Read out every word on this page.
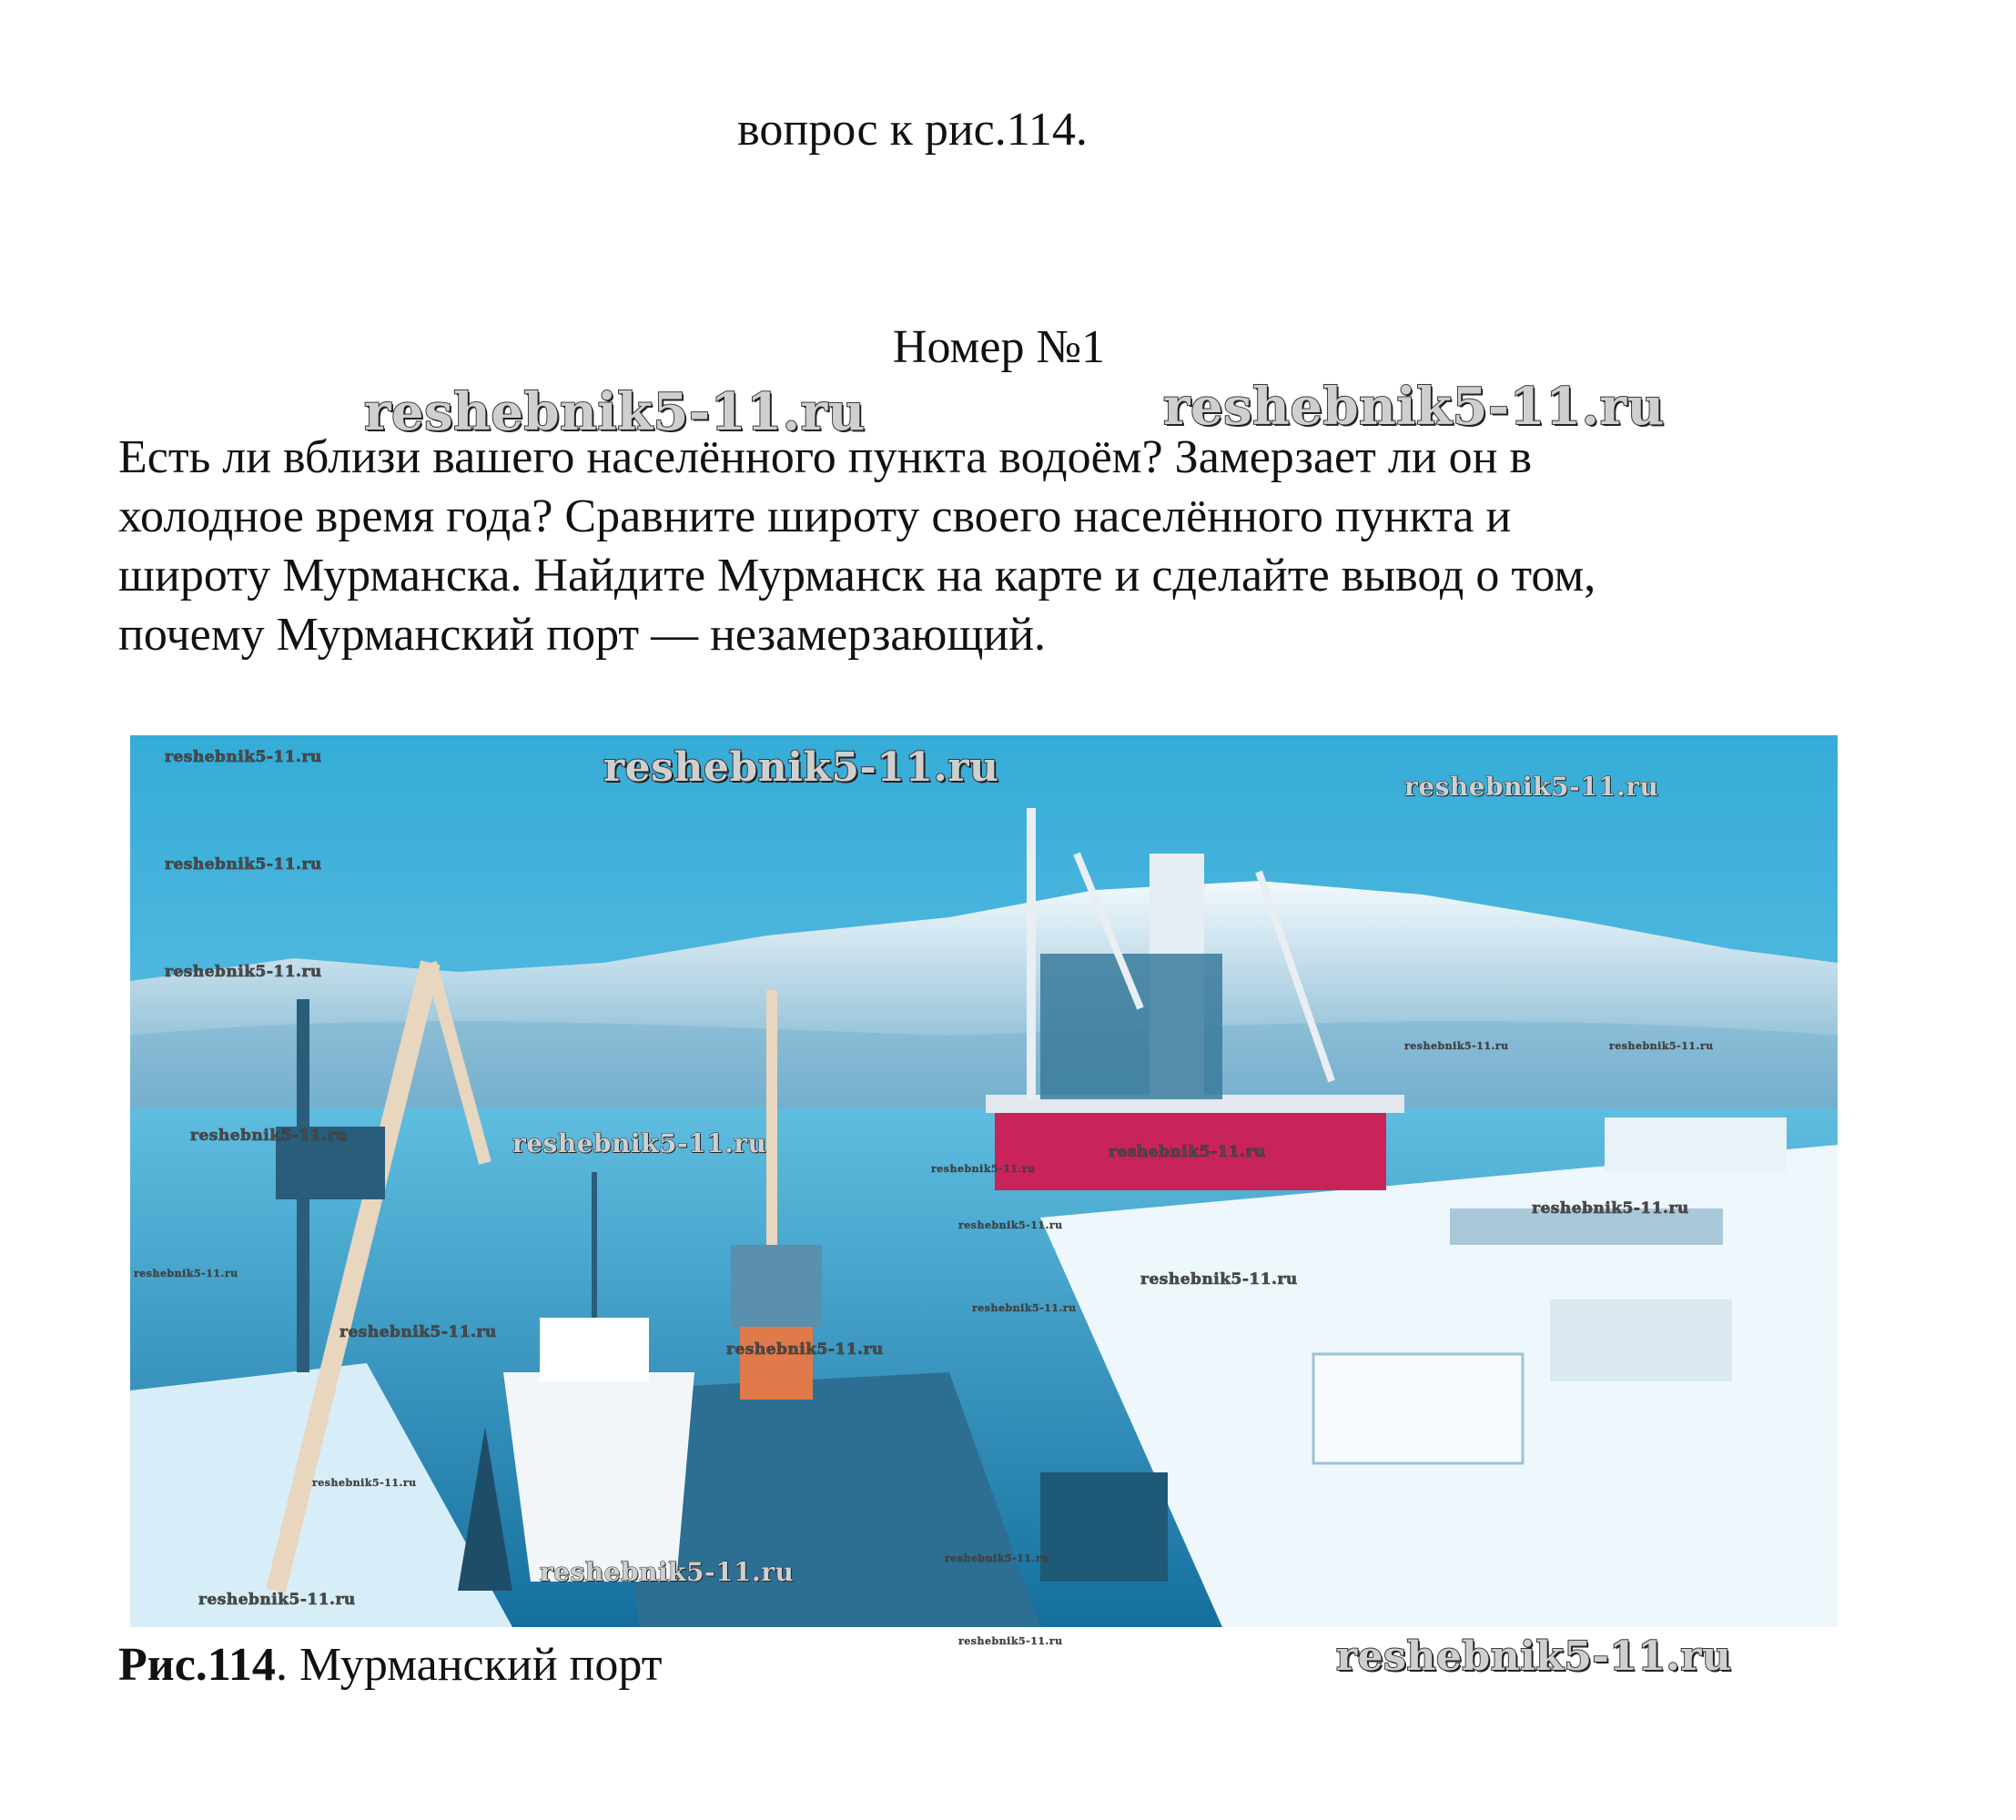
вопрос к рис.114.
Номер №1
reshebnik5-11.ru	reshebnik5-11.ru
Есть ли вблизи вашего населённого пункта водоём? Замерзает ли он в
холодное время года? Сравните широту своего населённого пункта и
широту Мурманска. Найдите Мурманск на карте и сделайте вывод о том,
почему Мурманский порт — незамерзающий.
reshebnik5-11.ru
reshebnik5-11.ru
reshebnik5-11.ru
reshebnik5-11.ru	reshebnik5-11.ru
reshebnik5-11.ru	reshebnik5-11.ru	reshebnik5-11.ru
reshebnik5-11.ru
reshebnik5-11.ru
reshebnik5-11.ru
reshebnik5-11.ru	reshebnik5-11.ru
reshebnik5-11.ru
reshebnik5-11.ru
reshebnik5-11.ru
reshebnik5-11.ru	reshebnik5-11.ru
reshebnik5-11.ru
reshebnik5-11.ru
reshebnik5-11.ru
reshebnik5-11.ru
reshebnik5-11.ru	reshebnik5-11.ru
Рис.114. Мурманский порт
